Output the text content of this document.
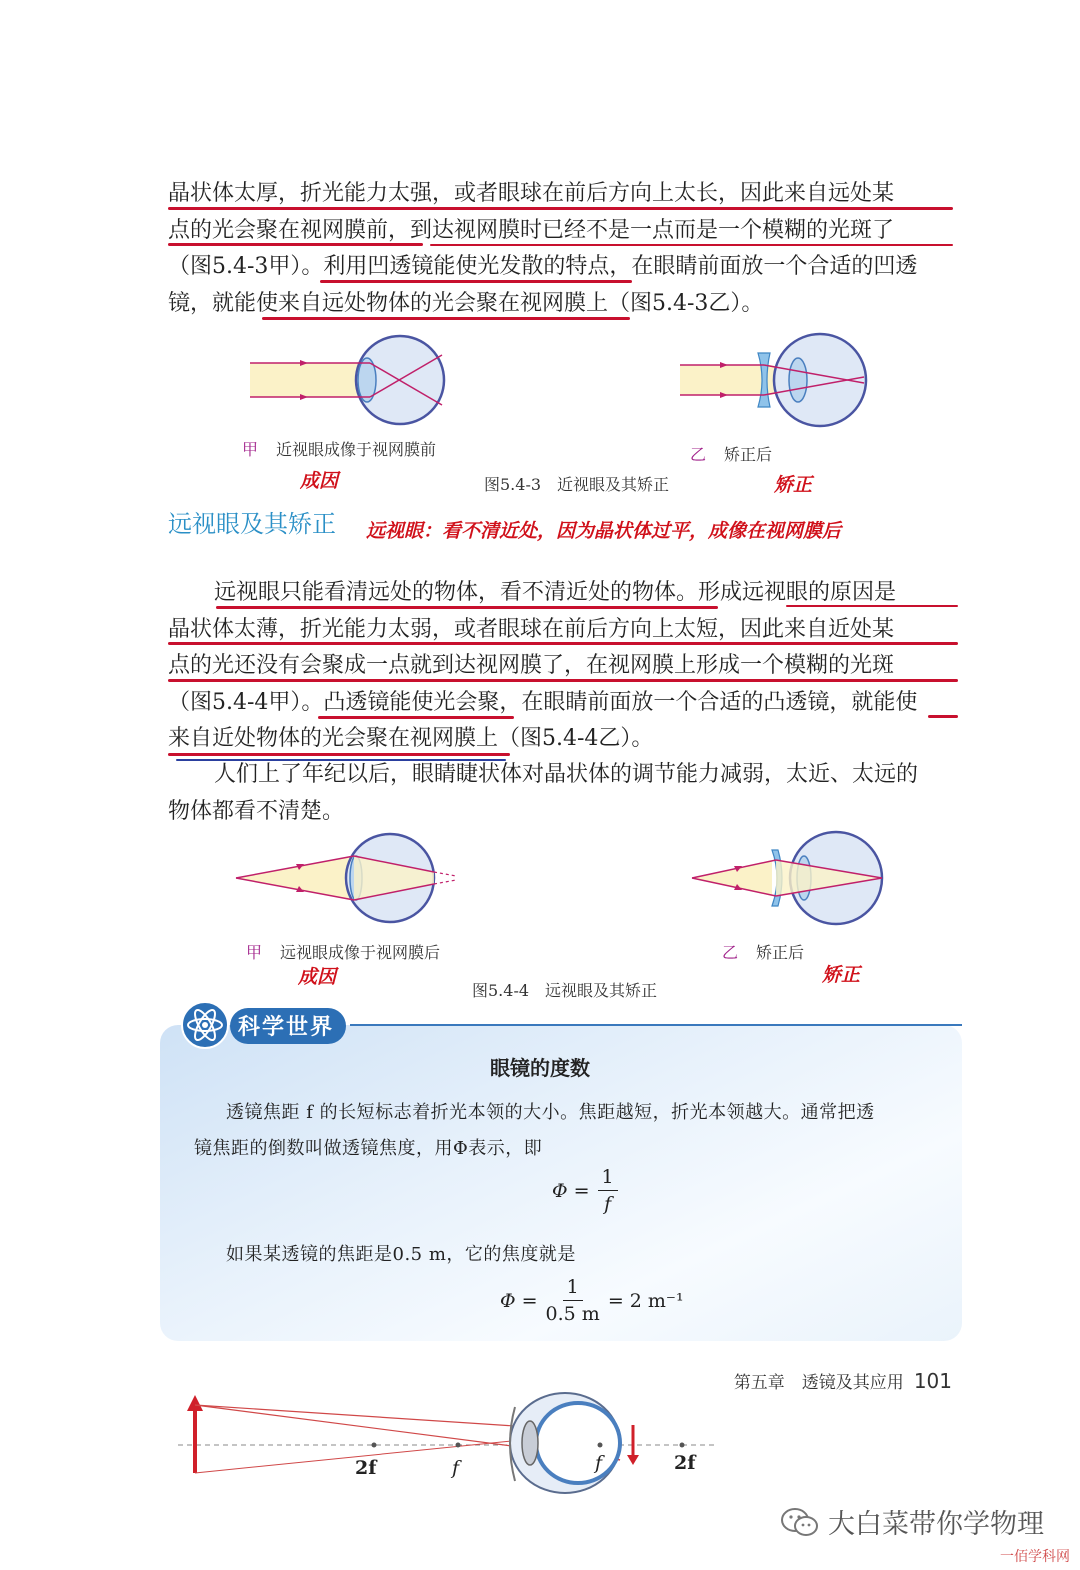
晶状体太厚，折光能力太强，或者眼球在前后方向上太长，因此来自远处某

点的光会聚在视网膜前，到达视网膜时已经不是一点而是一个模糊的光斑了

（图5.4-3甲）。利用凹透镜能使光发散的特点，在眼睛前面放一个合适的凹透

镜，就能使来自远处物体的光会聚在视网膜上（图5.4-3乙）。

甲 近视眼成像于视网膜前	乙 矫正后
成因	图5.4-3　近视眼及其矫正	矫正
远视眼及其矫正 远视眼：看不清近处，因为晶状体过平，成像在视网膜后

远视眼只能看清远处的物体，看不清近处的物体。形成远视眼的原因是

晶状体太薄，折光能力太弱，或者眼球在前后方向上太短，因此来自近处某

点的光还没有会聚成一点就到达视网膜了，在视网膜上形成一个模糊的光斑

（图5.4-4甲）。凸透镜能使光会聚，在眼睛前面放一个合适的凸透镜，就能使

来自近处物体的光会聚在视网膜上（图5.4-4乙）。

人们上了年纪以后，眼睛睫状体对晶状体的调节能力减弱，太近、太远的

物体都看不清楚。

甲 远视眼成像于视网膜后	乙 矫正后
成因	矫正
图5.4-4　远视眼及其矫正
科学世界
眼镜的度数
透镜焦距 f 的长短标志着折光本领的大小。焦距越短，折光本领越大。通常把透
镜焦距的倒数叫做透镜焦度，用Φ表示，即
$\Phi = \frac{1}{f}$
如果某透镜的焦距是0.5 m，它的焦度就是
$\Phi = \frac{1}{0.5 m} = 2$ m⁻¹
第五章　透镜及其应用 101
2f	f	f	2f
大白菜带你学物理
一佰学科网
